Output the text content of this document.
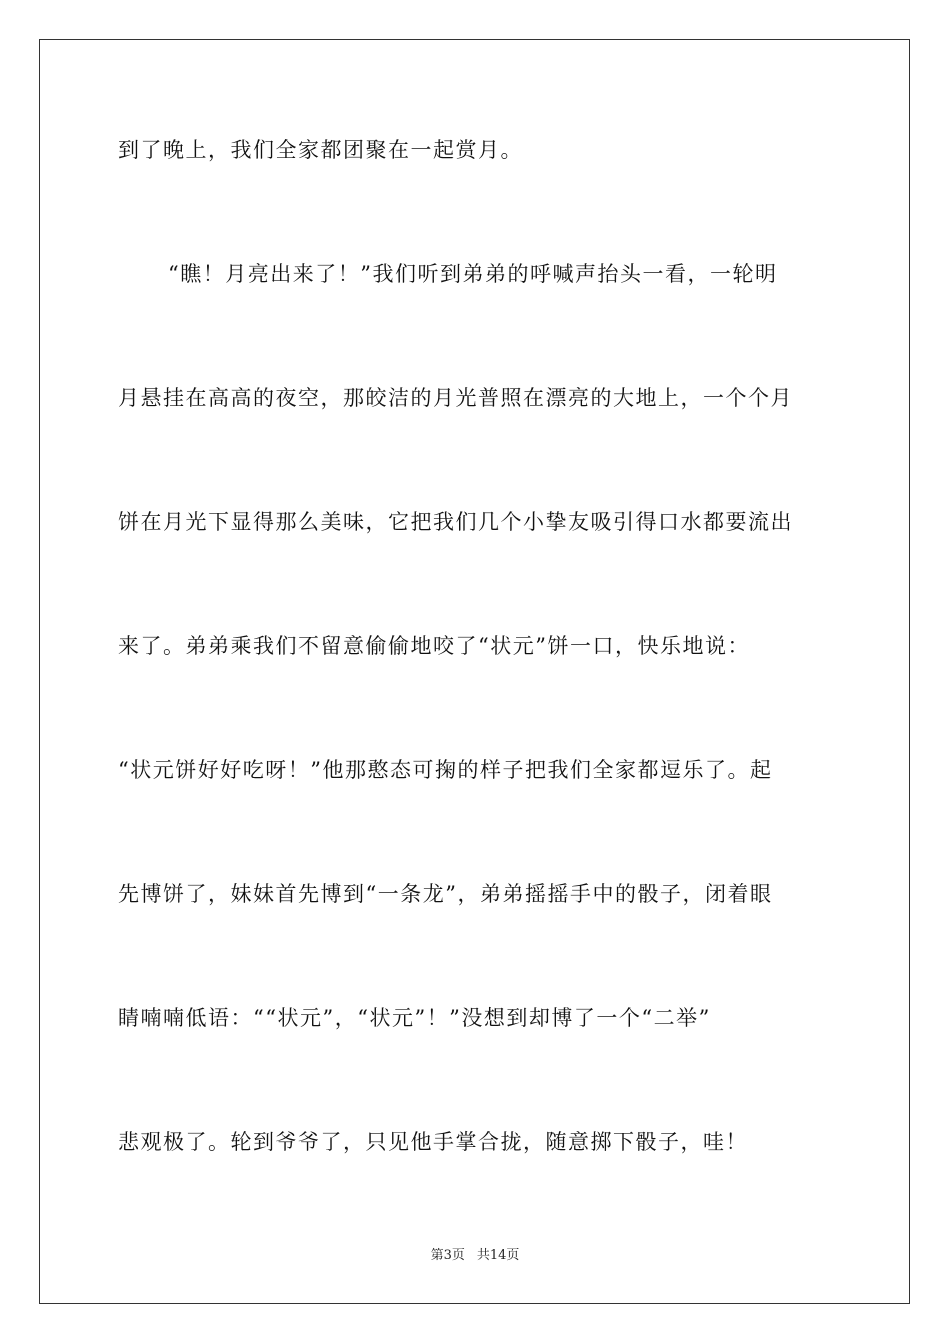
到了晚上，我们全家都团聚在一起赏月。
“瞧！月亮出来了！”我们听到弟弟的呼喊声抬头一看，一轮明
月悬挂在高高的夜空，那皎洁的月光普照在漂亮的大地上，一个个月
饼在月光下显得那么美味，它把我们几个小挚友吸引得口水都要流出
来了。弟弟乘我们不留意偷偷地咬了“状元”饼一口，快乐地说：
“状元饼好好吃呀！”他那憨态可掬的样子把我们全家都逗乐了。起
先博饼了，妹妹首先博到“一条龙”，弟弟摇摇手中的骰子，闭着眼
睛喃喃低语：““状元”，“状元”！”没想到却博了一个“二举”
悲观极了。轮到爷爷了，只见他手掌合拢，随意掷下骰子，哇！
第3页 共14页
